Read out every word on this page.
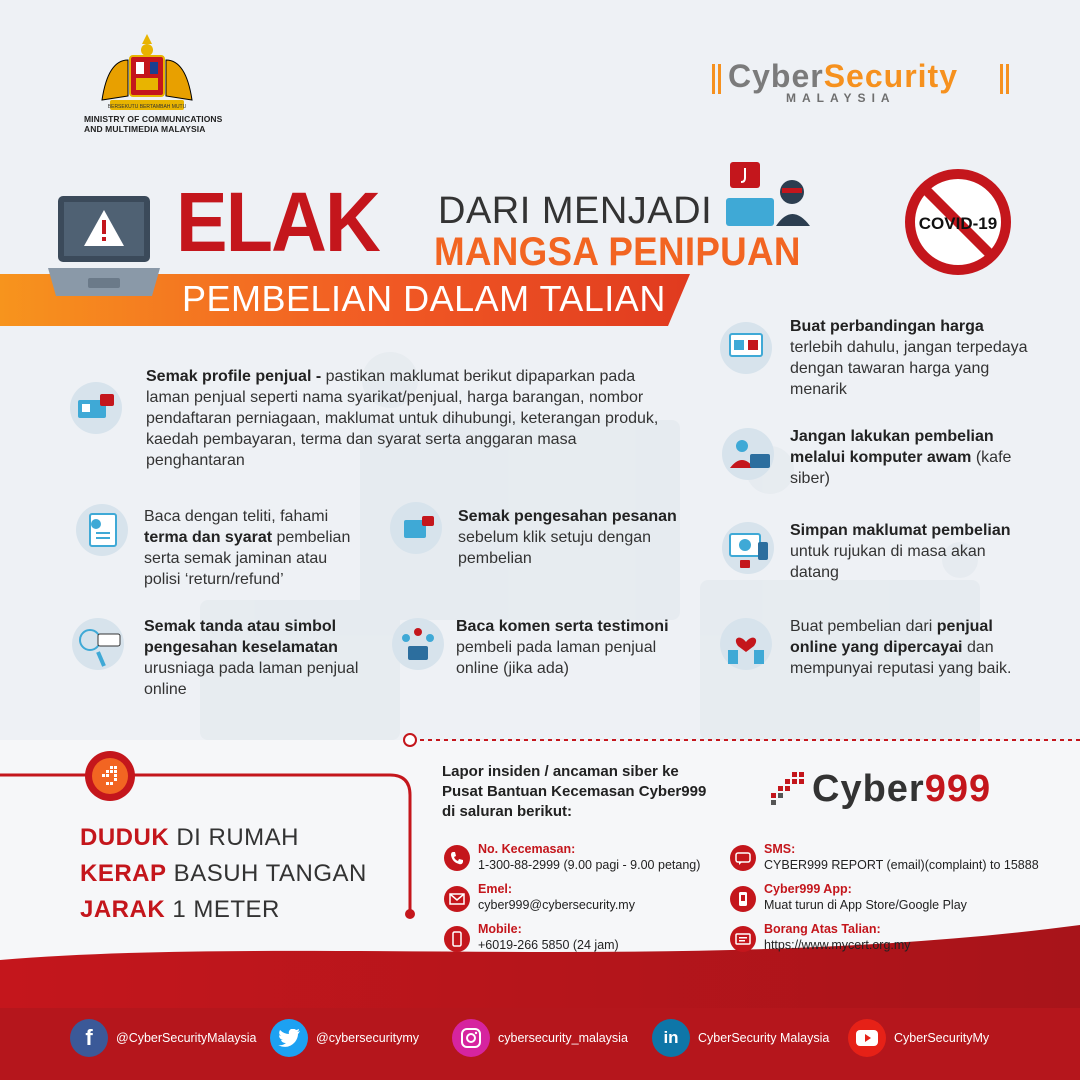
BERSEKUTU BERTAMBAH MUTU
MINISTRY OF COMMUNICATIONS
AND MULTIMEDIA MALAYSIA
CyberSecurity
MALAYSIA
ELAK DARI MENJADI
MANGSA PENIPUAN
PEMBELIAN DALAM TALIAN
COVID-19
Semak profile penjual - pastikan maklumat berikut dipaparkan pada laman penjual seperti nama syarikat/penjual, harga barangan, nombor pendaftaran perniagaan, maklumat untuk dihubungi, keterangan produk, kaedah pembayaran, terma dan syarat serta anggaran masa penghantaran
Baca dengan teliti, fahami terma dan syarat pembelian serta semak jaminan atau polisi ‘return/refund’
Semak tanda atau simbol pengesahan keselamatan urusniaga pada laman penjual online
Semak pengesahan pesanan sebelum klik setuju dengan pembelian
Baca komen serta testimoni pembeli pada laman penjual online (jika ada)
Buat perbandingan harga terlebih dahulu, jangan terpedaya dengan tawaran harga yang menarik
Jangan lakukan pembelian melalui komputer awam (kafe siber)
Simpan maklumat pembelian untuk rujukan di masa akan datang
Buat pembelian dari penjual online yang dipercayai dan mempunyai reputasi yang baik.
DUDUK DI RUMAH
KERAP BASUH TANGAN
JARAK 1 METER
Lapor insiden / ancaman siber ke
Pusat Bantuan Kecemasan Cyber999
di saluran berikut:
Cyber999
No. Kecemasan:
1-300-88-2999 (9.00 pagi - 9.00 petang)
Emel:
cyber999@cybersecurity.my
Mobile:
+6019-266 5850 (24 jam)
SMS:
CYBER999 REPORT (email)(complaint) to 15888
Cyber999 App:
Muat turun di App Store/Google Play
Borang Atas Talian:
https://www.mycert.org.my
f	@CyberSecurityMalaysia	@cybersecuritymy	cybersecurity_malaysia	in	CyberSecurity Malaysia	CyberSecurityMy
